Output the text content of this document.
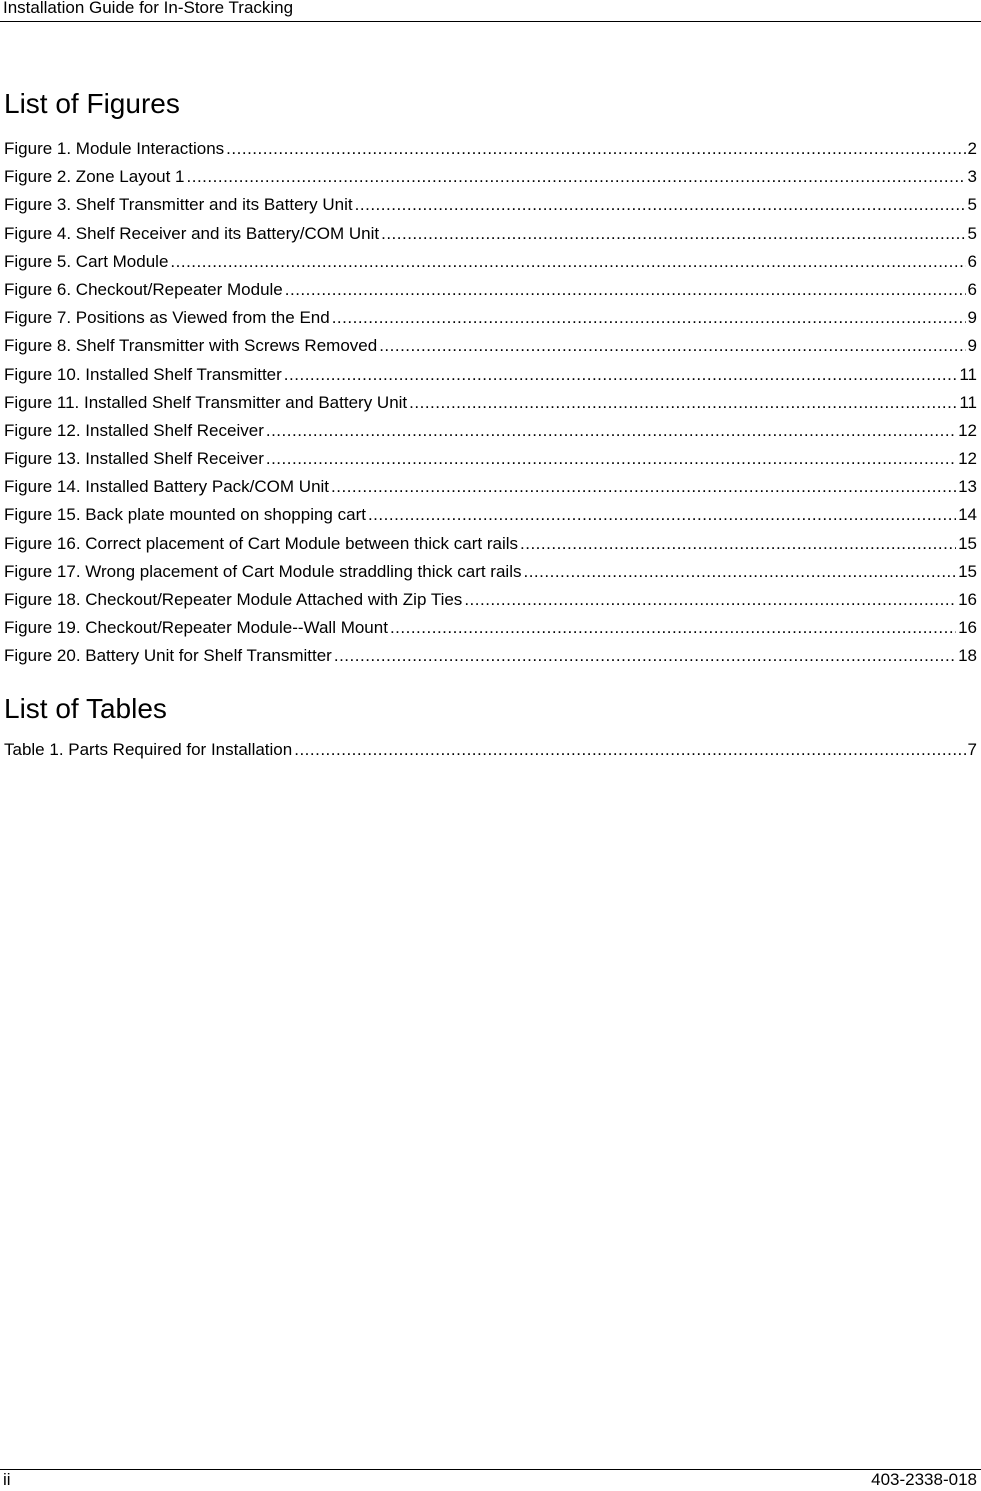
Installation Guide for In-Store Tracking
List of Figures
Figure 1. Module Interactions .....	2
Figure 2. Zone Layout 1 .....	3
Figure 3. Shelf Transmitter and its Battery Unit .....	5
Figure 4. Shelf Receiver and its Battery/COM Unit .....	5
Figure 5. Cart Module .....	6
Figure 6. Checkout/Repeater Module .....	6
Figure 7. Positions as Viewed from the End .....	9
Figure 8. Shelf Transmitter with Screws Removed .....	9
Figure 10. Installed Shelf Transmitter .....	11
Figure 11. Installed Shelf Transmitter and Battery Unit .....	11
Figure 12. Installed Shelf Receiver .....	12
Figure 13. Installed Shelf Receiver .....	12
Figure 14. Installed Battery Pack/COM Unit .....	13
Figure 15. Back plate mounted on shopping cart .....	14
Figure 16. Correct placement of Cart Module between thick cart rails .....	15
Figure 17. Wrong placement of Cart Module straddling thick cart rails .....	15
Figure 18. Checkout/Repeater Module Attached with Zip Ties .....	16
Figure 19. Checkout/Repeater Module--Wall Mount .....	16
Figure 20. Battery Unit for Shelf Transmitter .....	18
List of Tables
Table 1. Parts Required for Installation .....	7
ii	403-2338-018
